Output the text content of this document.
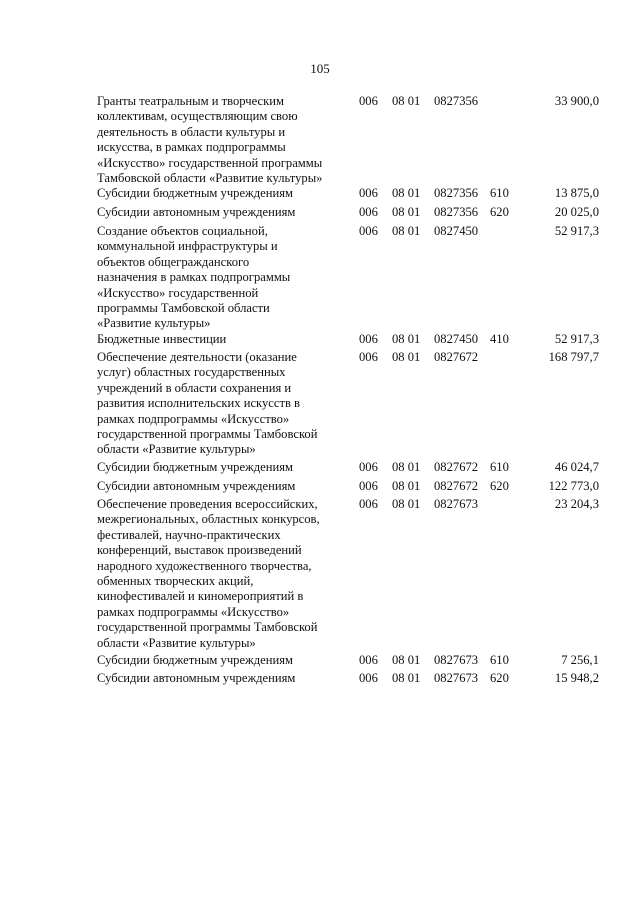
105
Гранты театральным и творческим
коллективам, осуществляющим свою
деятельность в области культуры и
искусства, в рамках подпрограммы
«Искусство» государственной программы
Тамбовской области «Развитие культуры»
006 08 01 0827356	33 900,0
Субсидии бюджетным учреждениям	006 08 01 0827356 610	13 875,0
Субсидии автономным учреждениям	006 08 01 0827356 620	20 025,0
Создание объектов социальной,
коммунальной инфраструктуры и
объектов общегражданского
назначения в рамках подпрограммы
«Искусство» государственной
программы Тамбовской области
«Развитие культуры»
006 08 01 0827450	52 917,3
Бюджетные инвестиции	006 08 01 0827450 410	52 917,3
Обеспечение деятельности (оказание
услуг) областных государственных
учреждений в области сохранения и
развития исполнительских искусств в
рамках подпрограммы «Искусство»
государственной программы Тамбовской
области «Развитие культуры»
006 08 01 0827672	168 797,7
Субсидии бюджетным учреждениям	006 08 01 0827672 610	46 024,7
Субсидии автономным учреждениям	006 08 01 0827672 620	122 773,0
Обеспечение проведения всероссийских,
межрегиональных, областных конкурсов,
фестивалей, научно-практических
конференций, выставок произведений
народного художественного творчества,
обменных творческих акций,
кинофестивалей и киномероприятий в
рамках подпрограммы «Искусство»
государственной программы Тамбовской
области «Развитие культуры»
006 08 01 0827673	23 204,3
Субсидии бюджетным учреждениям	006 08 01 0827673 610	7 256,1
Субсидии автономным учреждениям	006 08 01 0827673 620	15 948,2
